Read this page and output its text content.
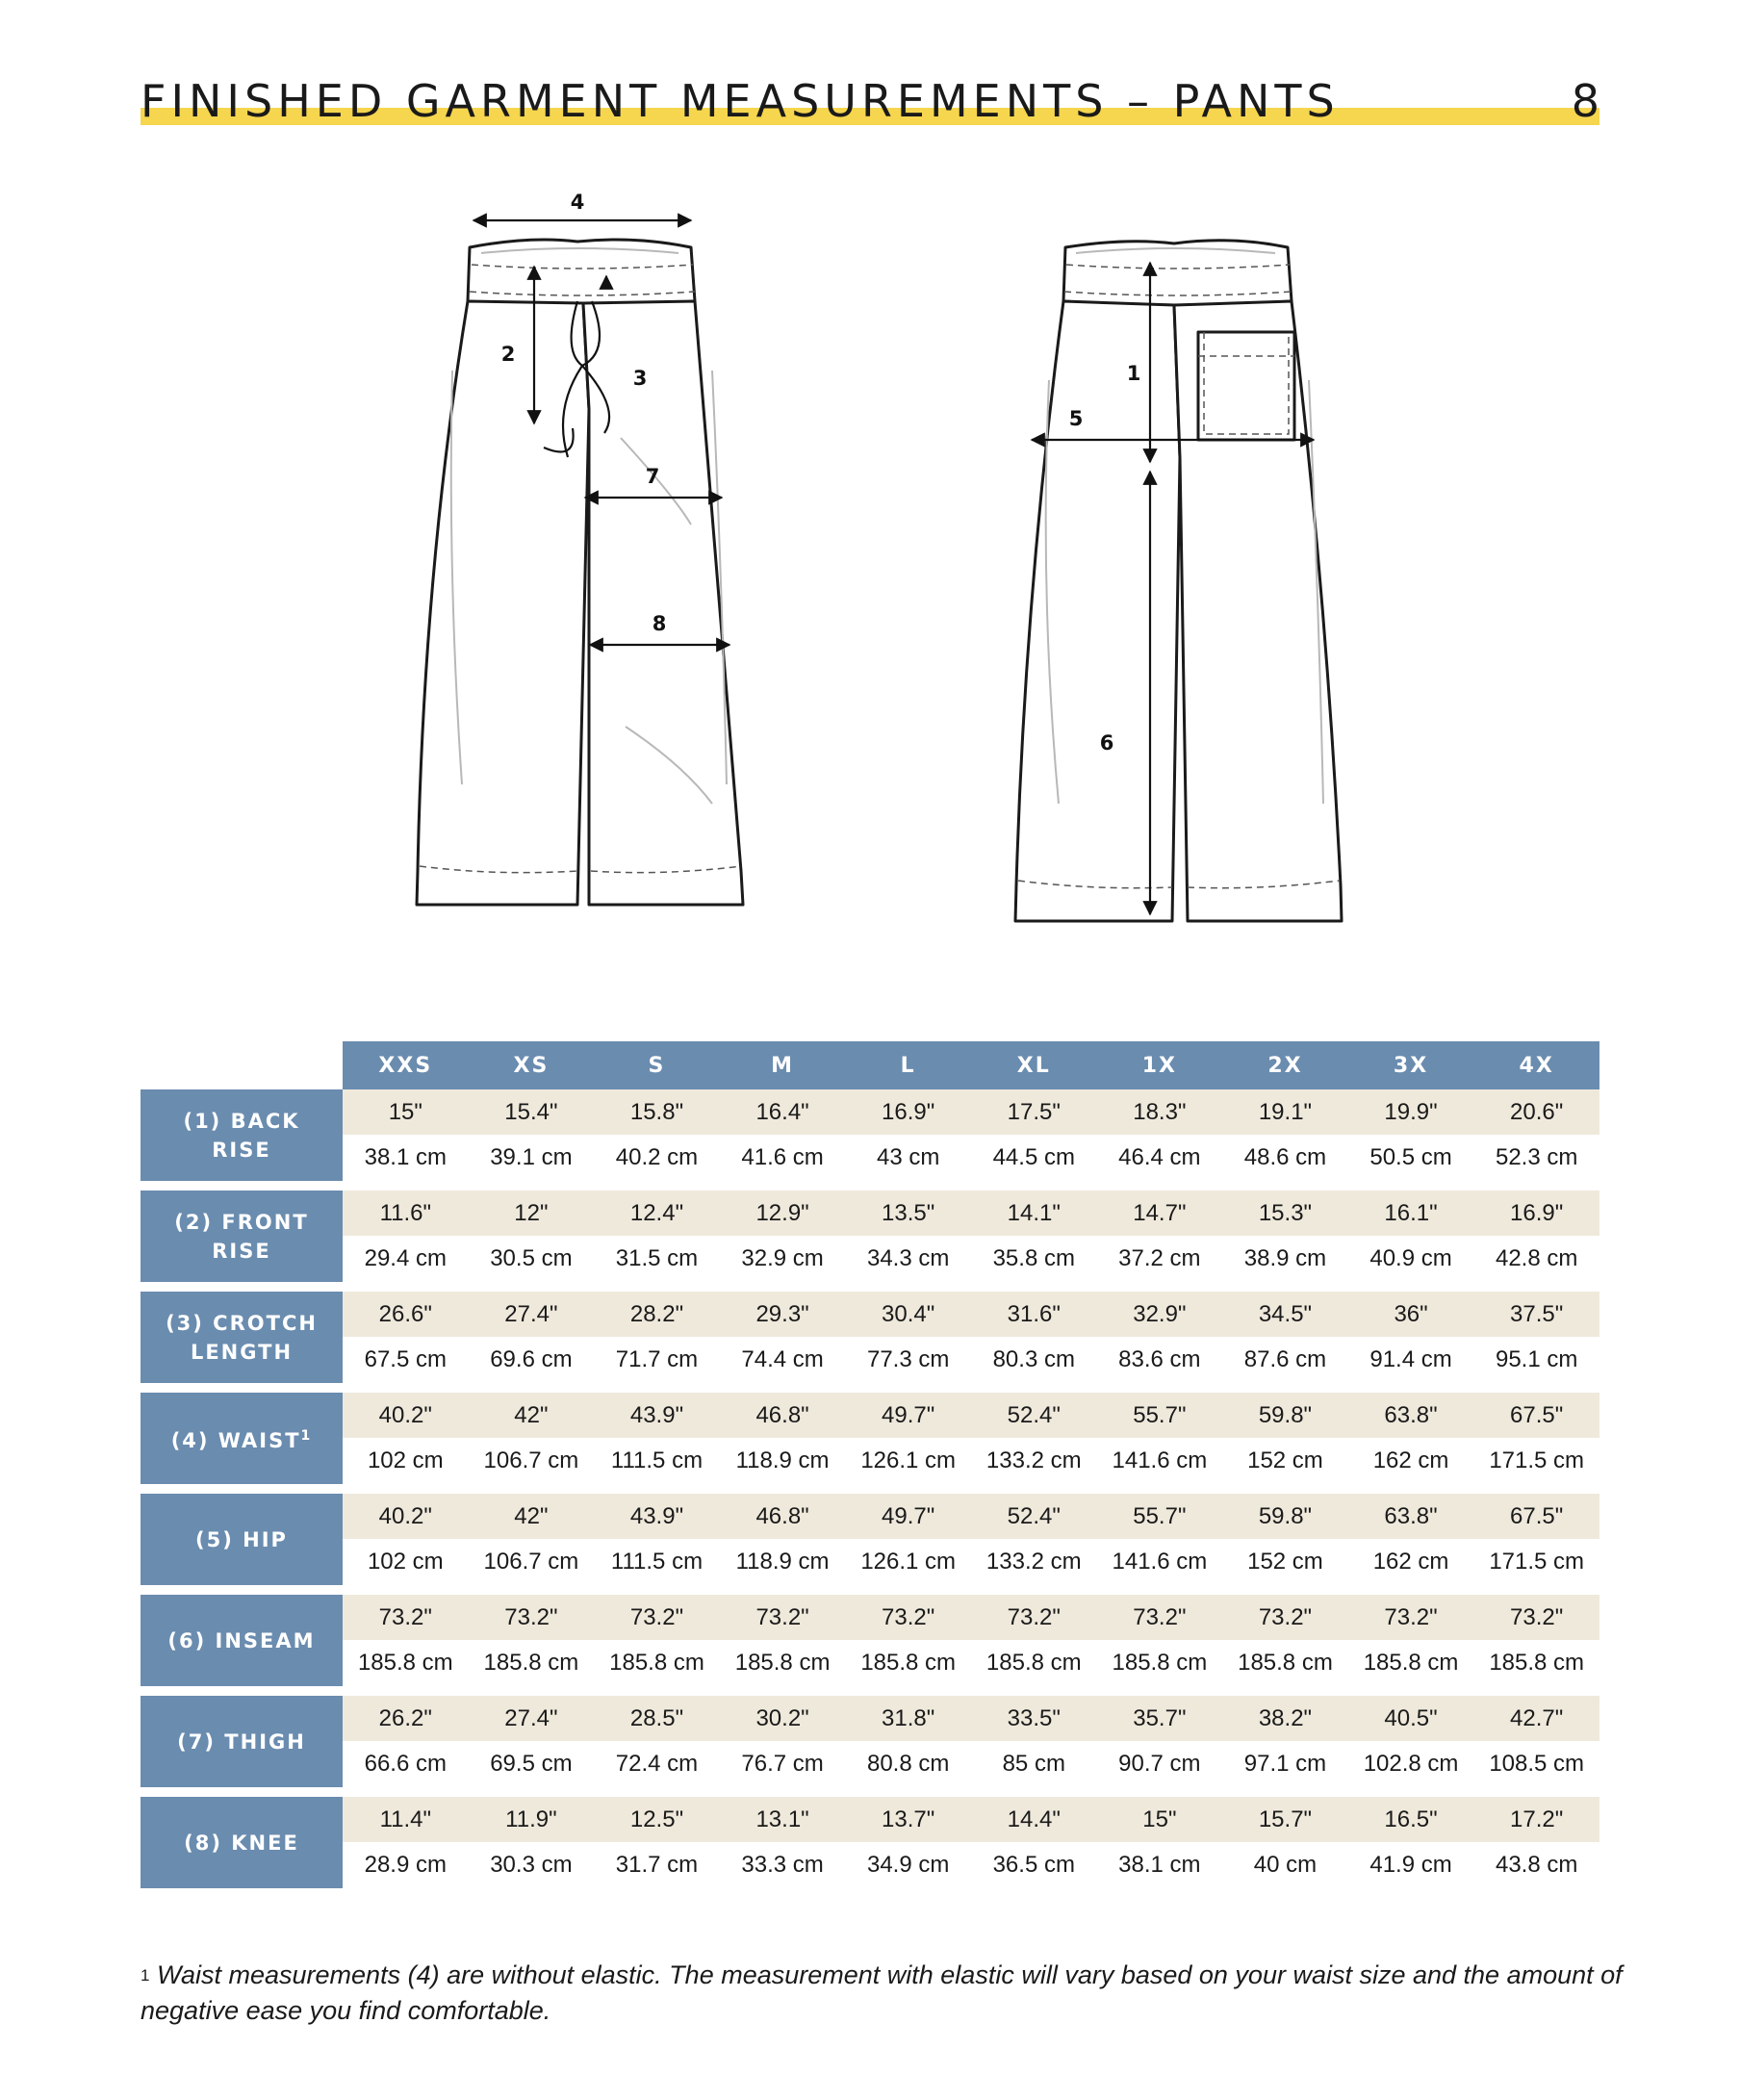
FINISHED GARMENT MEASUREMENTS – PANTS	8
4
2
3
7
8
1
5
6
	XXS	XS	S	M	L	XL	1X	2X	3X	4X
(1) BACK RISE	15"	15.4"	15.8"	16.4"	16.9"	17.5"	18.3"	19.1"	19.9"	20.6"
	38.1 cm	39.1 cm	40.2 cm	41.6 cm	43 cm	44.5 cm	46.4 cm	48.6 cm	50.5 cm	52.3 cm

(2) FRONT RISE	11.6"	12"	12.4"	12.9"	13.5"	14.1"	14.7"	15.3"	16.1"	16.9"
	29.4 cm	30.5 cm	31.5 cm	32.9 cm	34.3 cm	35.8 cm	37.2 cm	38.9 cm	40.9 cm	42.8 cm

(3) CROTCH LENGTH	26.6"	27.4"	28.2"	29.3"	30.4"	31.6"	32.9"	34.5"	36"	37.5"
	67.5 cm	69.6 cm	71.7 cm	74.4 cm	77.3 cm	80.3 cm	83.6 cm	87.6 cm	91.4 cm	95.1 cm

(4) WAIST$^1$	40.2"	42"	43.9"	46.8"	49.7"	52.4"	55.7"	59.8"	63.8"	67.5"
	102 cm	106.7 cm	111.5 cm	118.9 cm	126.1 cm	133.2 cm	141.6 cm	152 cm	162 cm	171.5 cm

(5) HIP	40.2"	42"	43.9"	46.8"	49.7"	52.4"	55.7"	59.8"	63.8"	67.5"
	102 cm	106.7 cm	111.5 cm	118.9 cm	126.1 cm	133.2 cm	141.6 cm	152 cm	162 cm	171.5 cm

(6) INSEAM	73.2"	73.2"	73.2"	73.2"	73.2"	73.2"	73.2"	73.2"	73.2"	73.2"
	185.8 cm	185.8 cm	185.8 cm	185.8 cm	185.8 cm	185.8 cm	185.8 cm	185.8 cm	185.8 cm	185.8 cm

(7) THIGH	26.2"	27.4"	28.5"	30.2"	31.8"	33.5"	35.7"	38.2"	40.5"	42.7"
	66.6 cm	69.5 cm	72.4 cm	76.7 cm	80.8 cm	85 cm	90.7 cm	97.1 cm	102.8 cm	108.5 cm

(8) KNEE	11.4"	11.9"	12.5"	13.1"	13.7"	14.4"	15"	15.7"	16.5"	17.2"
	28.9 cm	30.3 cm	31.7 cm	33.3 cm	34.9 cm	36.5 cm	38.1 cm	40 cm	41.9 cm	43.8 cm
$^1$ Waist measurements (4) are without elastic. The measurement with elastic will vary based on your waist size and the amount of negative ease you find comfortable.
